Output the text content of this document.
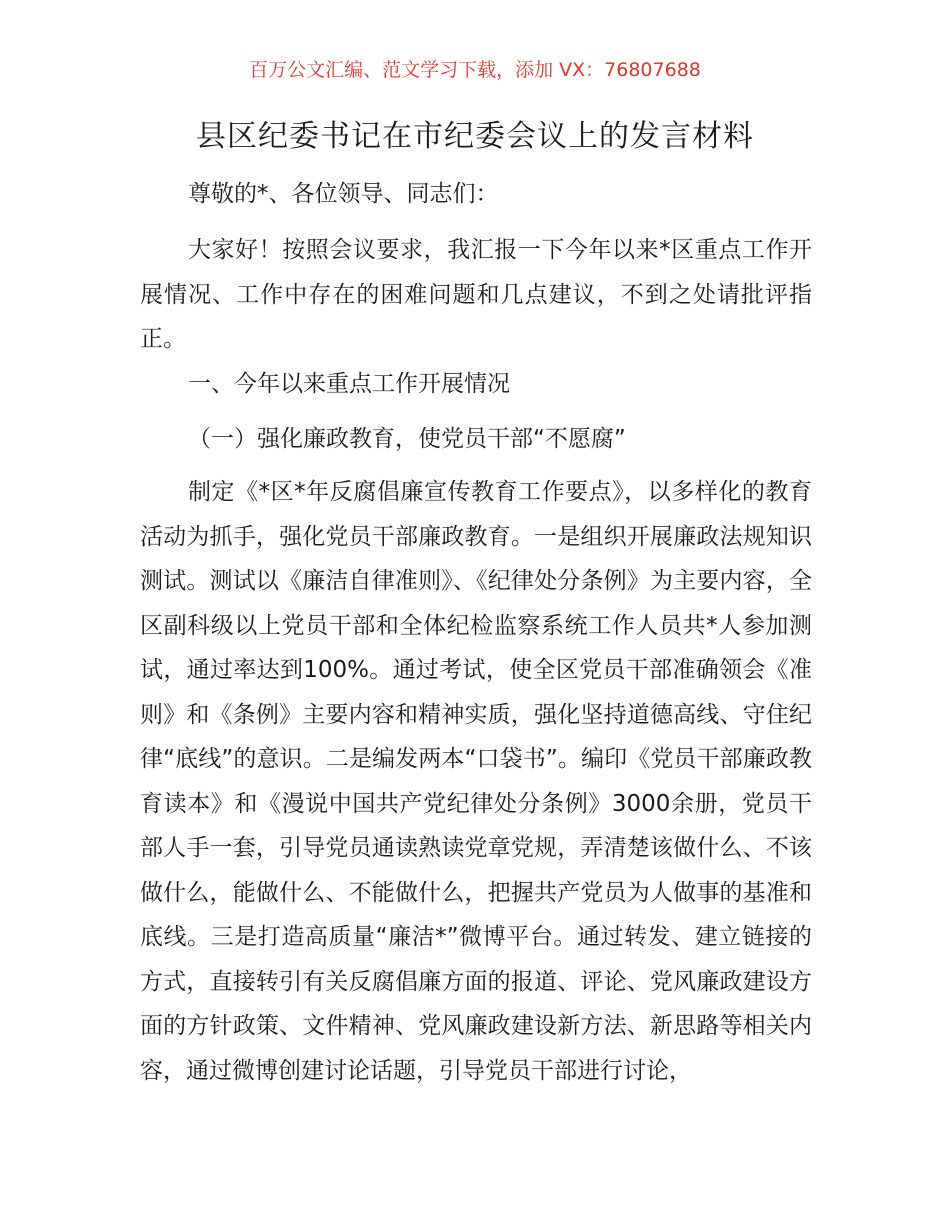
百万公文汇编、范文学习下载，添加 VX：76807688
县区纪委书记在市纪委会议上的发言材料

尊敬的*、各位领导、同志们：

大家好！按照会议要求，我汇报一下今年以来*区重点工作开展情况、工作中存在的困难问题和几点建议，不到之处请批评指正。

一、今年以来重点工作开展情况

（一）强化廉政教育，使党员干部“不愿腐”

制定《*区*年反腐倡廉宣传教育工作要点》，以多样化的教育活动为抓手，强化党员干部廉政教育。一是组织开展廉政法规知识测试。测试以《廉洁自律准则》、《纪律处分条例》为主要内容，全区副科级以上党员干部和全体纪检监察系统工作人员共*人参加测试，通过率达到100%。通过考试，使全区党员干部准确领会《准则》和《条例》主要内容和精神实质，强化坚持道德高线、守住纪律“底线”的意识。二是编发两本“口袋书”。编印《党员干部廉政教育读本》和《漫说中国共产党纪律处分条例》3000余册，党员干部人手一套，引导党员通读熟读党章党规，弄清楚该做什么、不该做什么，能做什么、不能做什么，把握共产党员为人做事的基准和底线。三是打造高质量“廉洁*”微博平台。通过转发、建立链接的方式，直接转引有关反腐倡廉方面的报道、评论、党风廉政建设方面的方针政策、文件精神、党风廉政建设新方法、新思路等相关内容，通过微博创建讨论话题，引导党员干部进行讨论，
